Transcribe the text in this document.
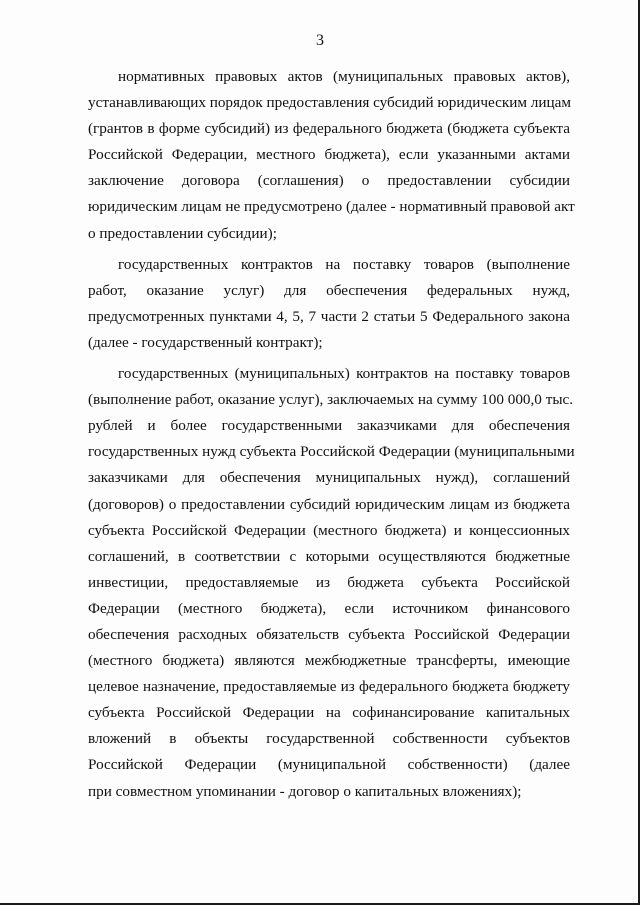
3
нормативных правовых актов (муниципальных правовых актов),
устанавливающих порядок предоставления субсидий юридическим лицам
(грантов в форме субсидий) из федерального бюджета (бюджета субъекта
Российской Федерации, местного бюджета), если указанными актами
заключение договора (соглашения) о предоставлении субсидии
юридическим лицам не предусмотрено (далее - нормативный правовой акт
о предоставлении субсидии);
государственных контрактов на поставку товаров (выполнение
работ, оказание услуг) для обеспечения федеральных нужд,
предусмотренных пунктами 4, 5, 7 части 2 статьи 5 Федерального закона
(далее - государственный контракт);
государственных (муниципальных) контрактов на поставку товаров
(выполнение работ, оказание услуг), заключаемых на сумму 100 000,0 тыс.
рублей и более государственными заказчиками для обеспечения
государственных нужд субъекта Российской Федерации (муниципальными
заказчиками для обеспечения муниципальных нужд), соглашений
(договоров) о предоставлении субсидий юридическим лицам из бюджета
субъекта Российской Федерации (местного бюджета) и концессионных
соглашений, в соответствии с которыми осуществляются бюджетные
инвестиции, предоставляемые из бюджета субъекта Российской
Федерации (местного бюджета), если источником финансового
обеспечения расходных обязательств субъекта Российской Федерации
(местного бюджета) являются межбюджетные трансферты, имеющие
целевое назначение, предоставляемые из федерального бюджета бюджету
субъекта Российской Федерации на софинансирование капитальных
вложений в объекты государственной собственности субъектов
Российской Федерации (муниципальной собственности) (далее
при совместном упоминании - договор о капитальных вложениях);
